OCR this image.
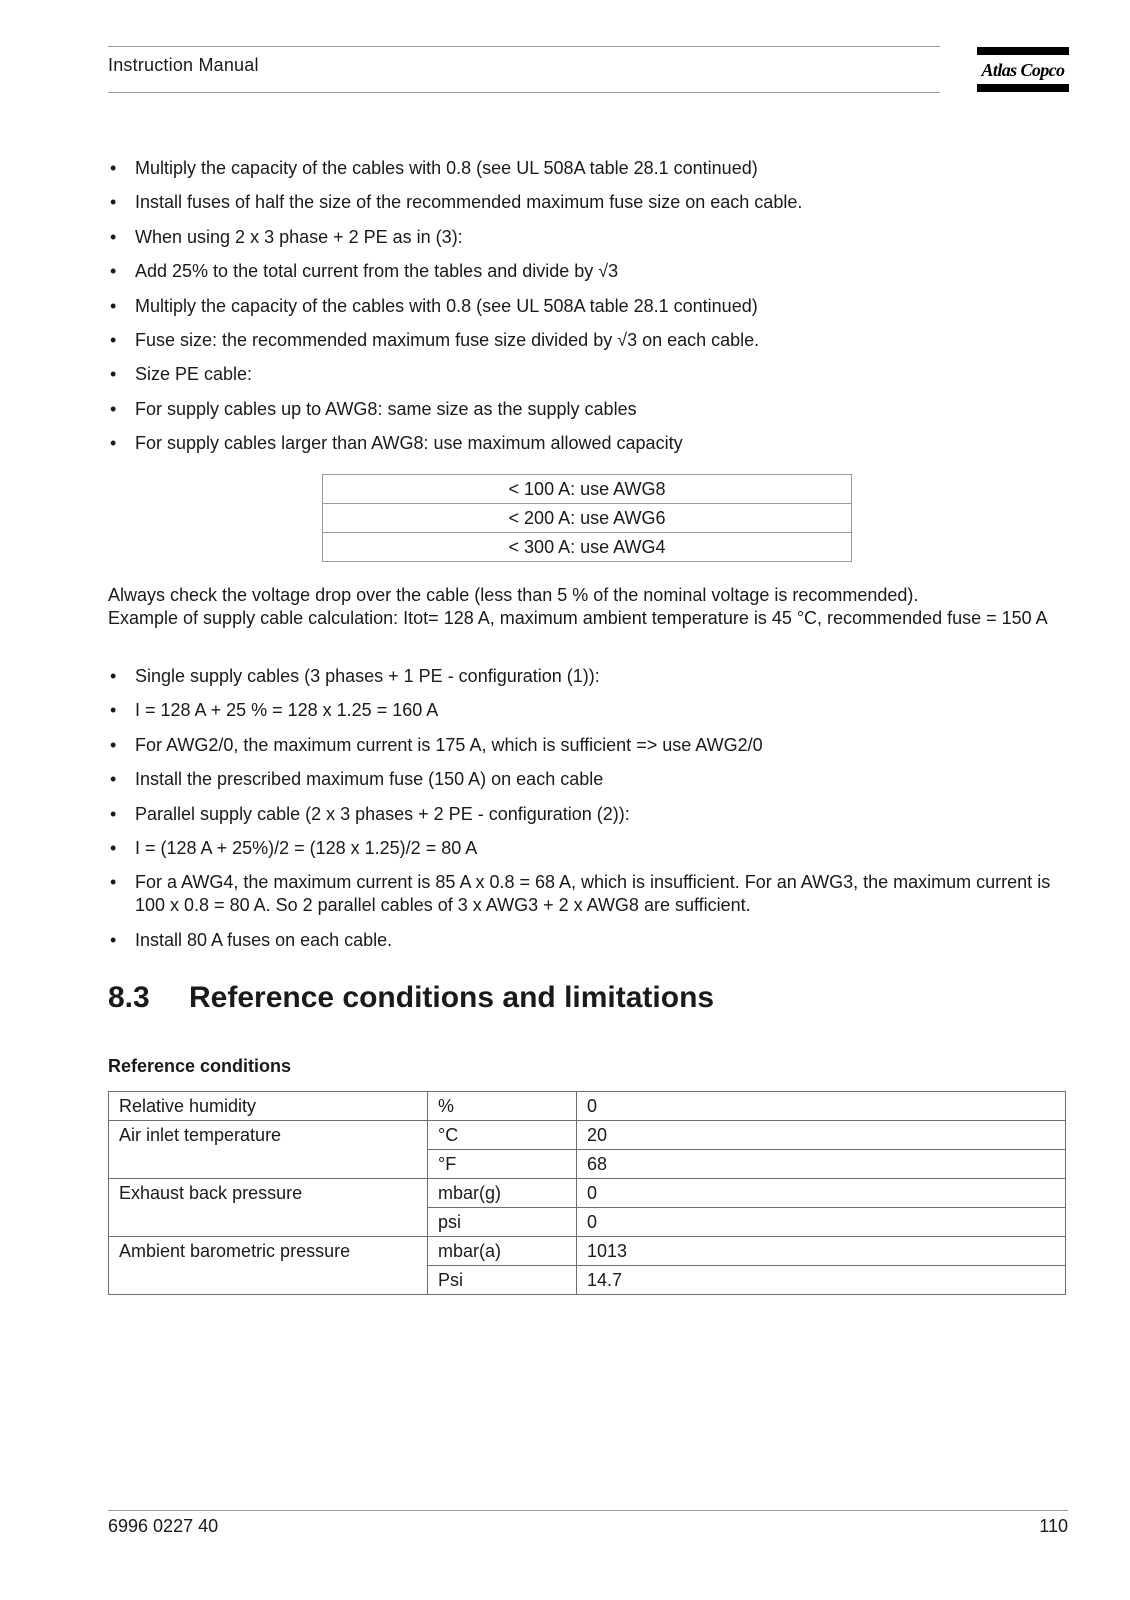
Instruction Manual	Atlas Copco
• Multiply the capacity of the cables with 0.8 (see UL 508A table 28.1 continued)
• Install fuses of half the size of the recommended maximum fuse size on each cable.
• When using 2 x 3 phase + 2 PE as in (3):
• Add 25% to the total current from the tables and divide by √3
• Multiply the capacity of the cables with 0.8 (see UL 508A table 28.1 continued)
• Fuse size: the recommended maximum fuse size divided by √3 on each cable.
• Size PE cable:
• For supply cables up to AWG8: same size as the supply cables
• For supply cables larger than AWG8: use maximum allowed capacity
< 100 A: use AWG8
< 200 A: use AWG6
< 300 A: use AWG4
Always check the voltage drop over the cable (less than 5 % of the nominal voltage is recommended).
Example of supply cable calculation: Itot= 128 A, maximum ambient temperature is 45 °C, recommended fuse = 150 A
• Single supply cables (3 phases + 1 PE - configuration (1)):
• I = 128 A + 25 % = 128 x 1.25 = 160 A
• For AWG2/0, the maximum current is 175 A, which is sufficient => use AWG2/0
• Install the prescribed maximum fuse (150 A) on each cable
• Parallel supply cable (2 x 3 phases + 2 PE - configuration (2)):
• I = (128 A + 25%)/2 = (128 x 1.25)/2 = 80 A
• For a AWG4, the maximum current is 85 A x 0.8 = 68 A, which is insufficient. For an AWG3, the maximum current is 100 x 0.8 = 80 A. So 2 parallel cables of 3 x AWG3 + 2 x AWG8 are sufficient.
• Install 80 A fuses on each cable.
8.3 Reference conditions and limitations
Reference conditions
Relative humidity	%	0
Air inlet temperature	°C	20
	°F	68
Exhaust back pressure	mbar(g)	0
	psi	0
Ambient barometric pressure	mbar(a)	1013
	Psi	14.7
6996 0227 40	110
